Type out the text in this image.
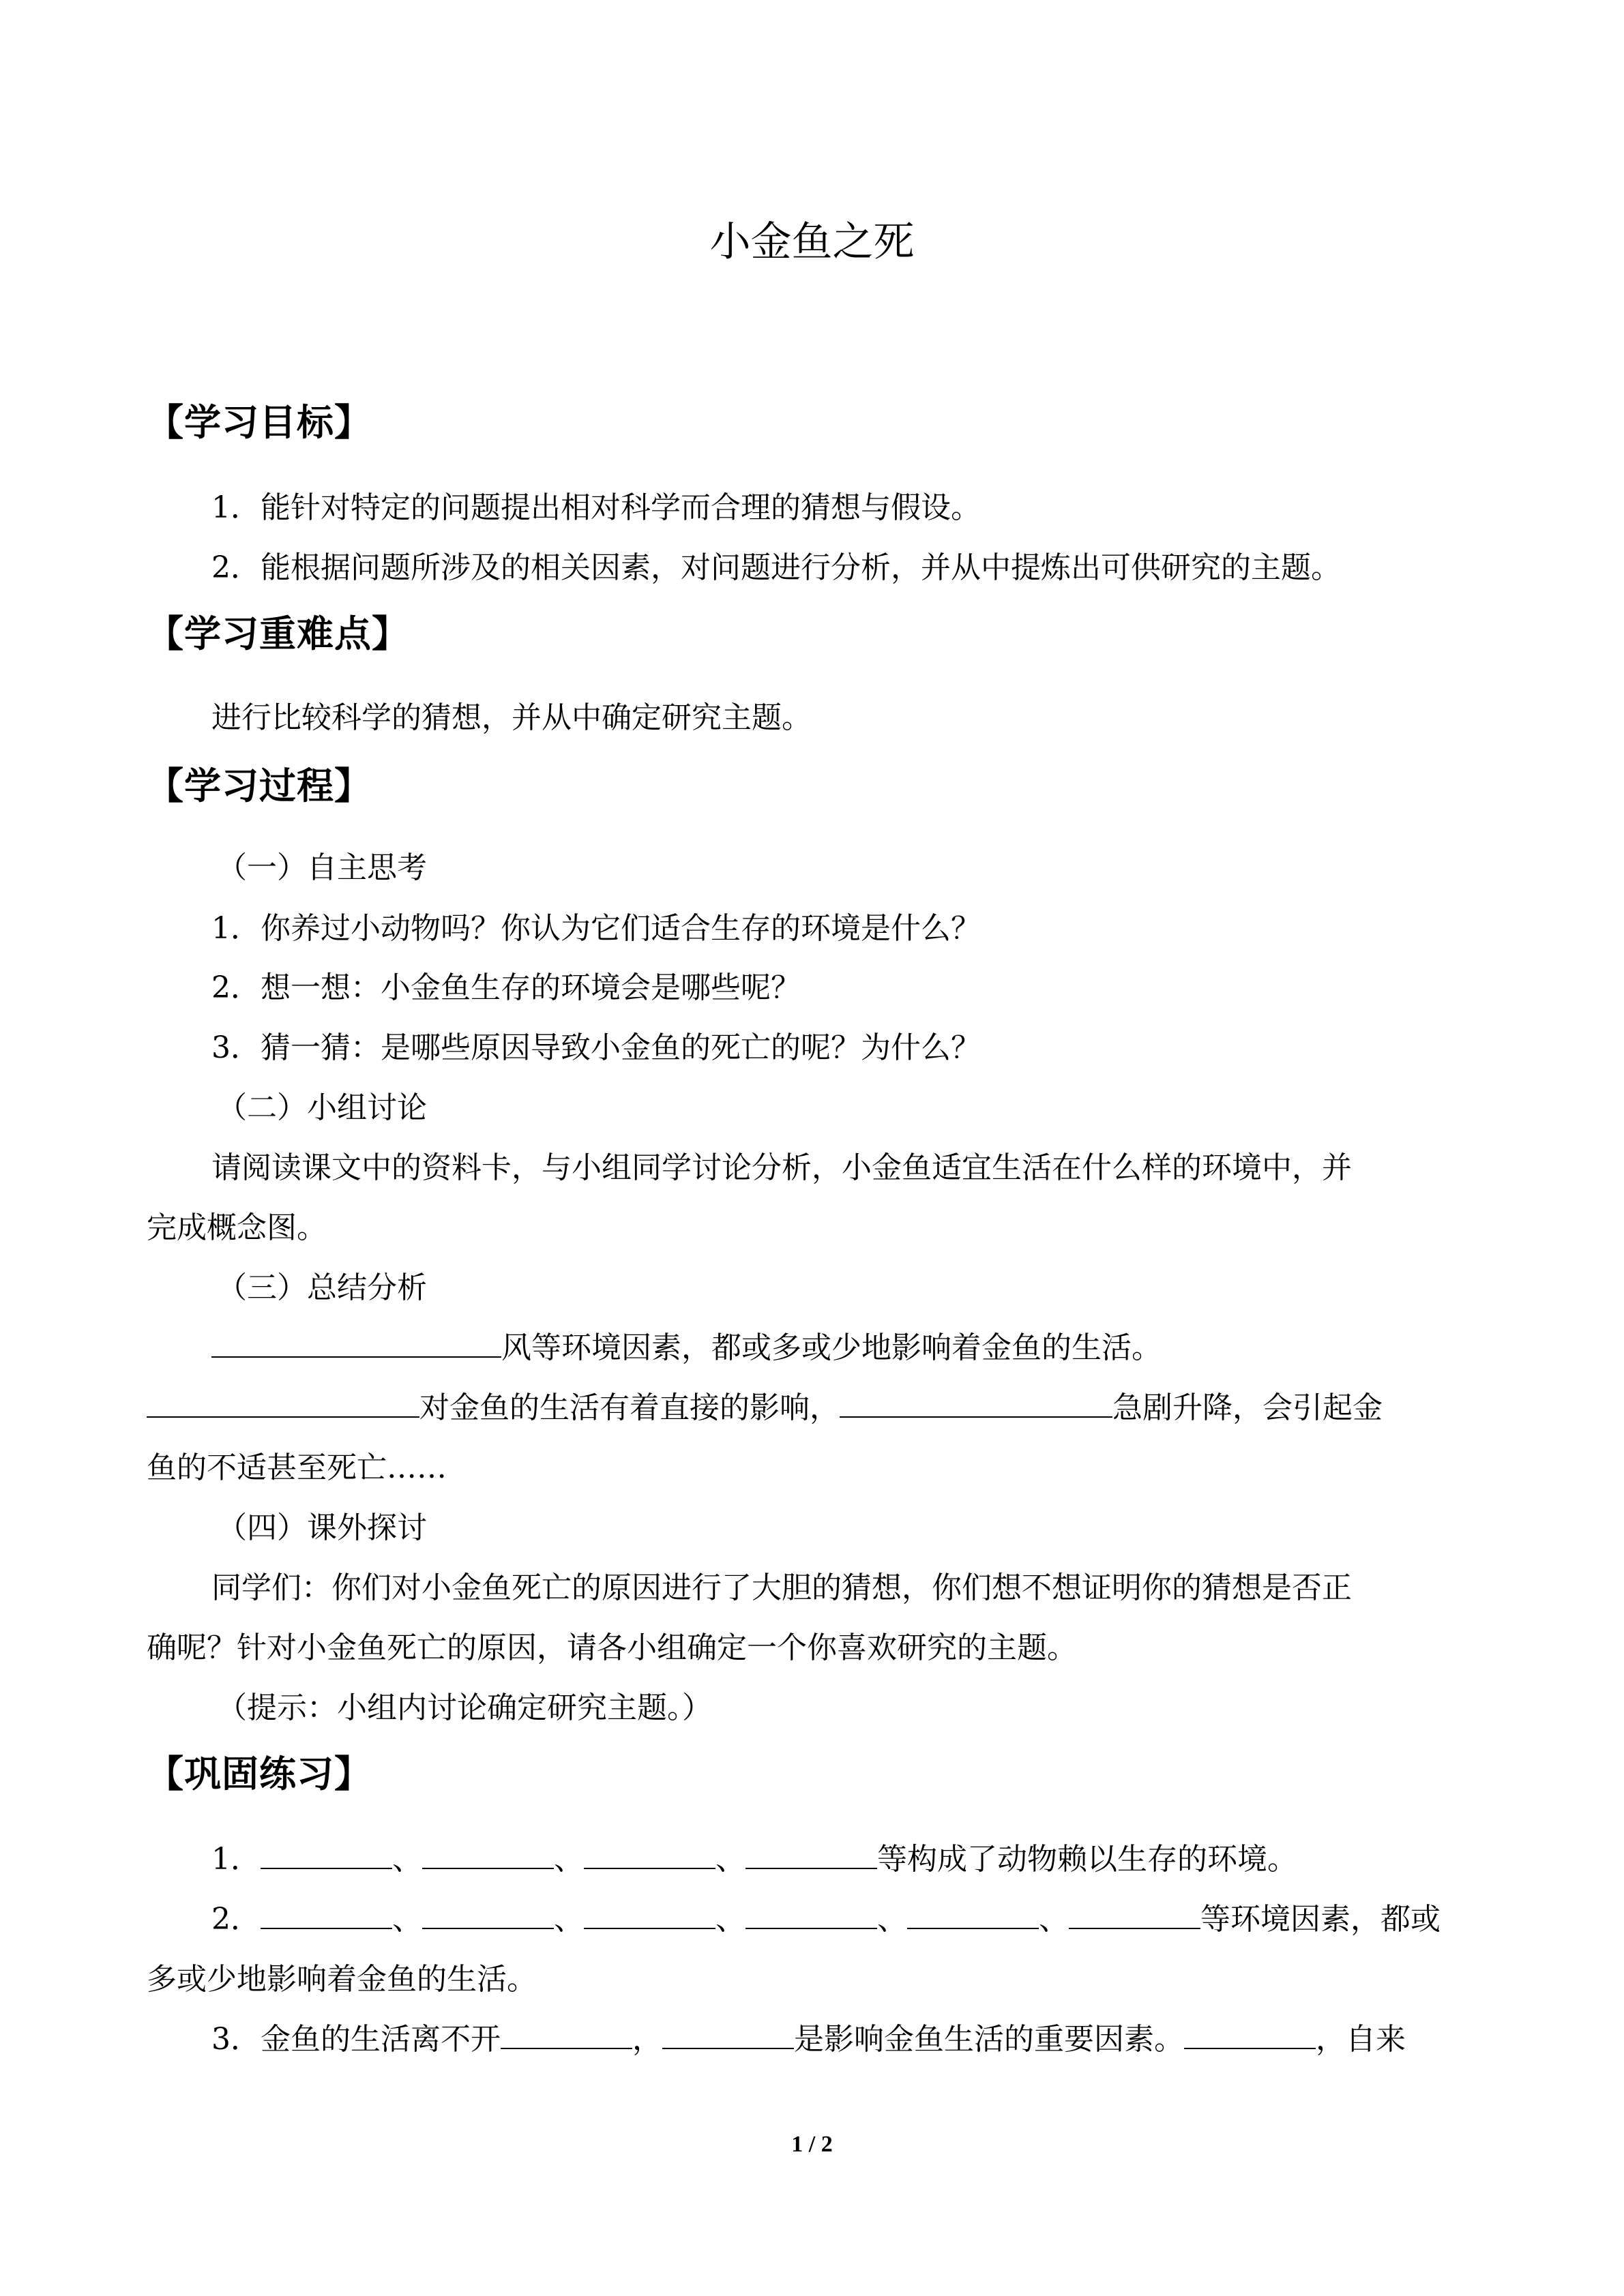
小金鱼之死
【学习目标】
1．能针对特定的问题提出相对科学而合理的猜想与假设。
2．能根据问题所涉及的相关因素，对问题进行分析，并从中提炼出可供研究的主题。
【学习重难点】
进行比较科学的猜想，并从中确定研究主题。
【学习过程】
（一）自主思考
1．你养过小动物吗？你认为它们适合生存的环境是什么？
2．想一想：小金鱼生存的环境会是哪些呢？
3．猜一猜：是哪些原因导致小金鱼的死亡的呢？为什么？
（二）小组讨论
请阅读课文中的资料卡，与小组同学讨论分析，小金鱼适宜生活在什么样的环境中，并
完成概念图。
（三）总结分析
风等环境因素，都或多或少地影响着金鱼的生活。
对金鱼的生活有着直接的影响，	急剧升降，会引起金
鱼的不适甚至死亡……
（四）课外探讨
同学们：你们对小金鱼死亡的原因进行了大胆的猜想，你们想不想证明你的猜想是否正
确呢？针对小金鱼死亡的原因，请各小组确定一个你喜欢研究的主题。
（提示：小组内讨论确定研究主题。）
【巩固练习】
1．	、	、	、	等构成了动物赖以生存的环境。
2．	、	、	、	、	、	等环境因素，都或
多或少地影响着金鱼的生活。
3．金鱼的生活离不开	，	是影响金鱼生活的重要因素。	，自来
1 / 2
